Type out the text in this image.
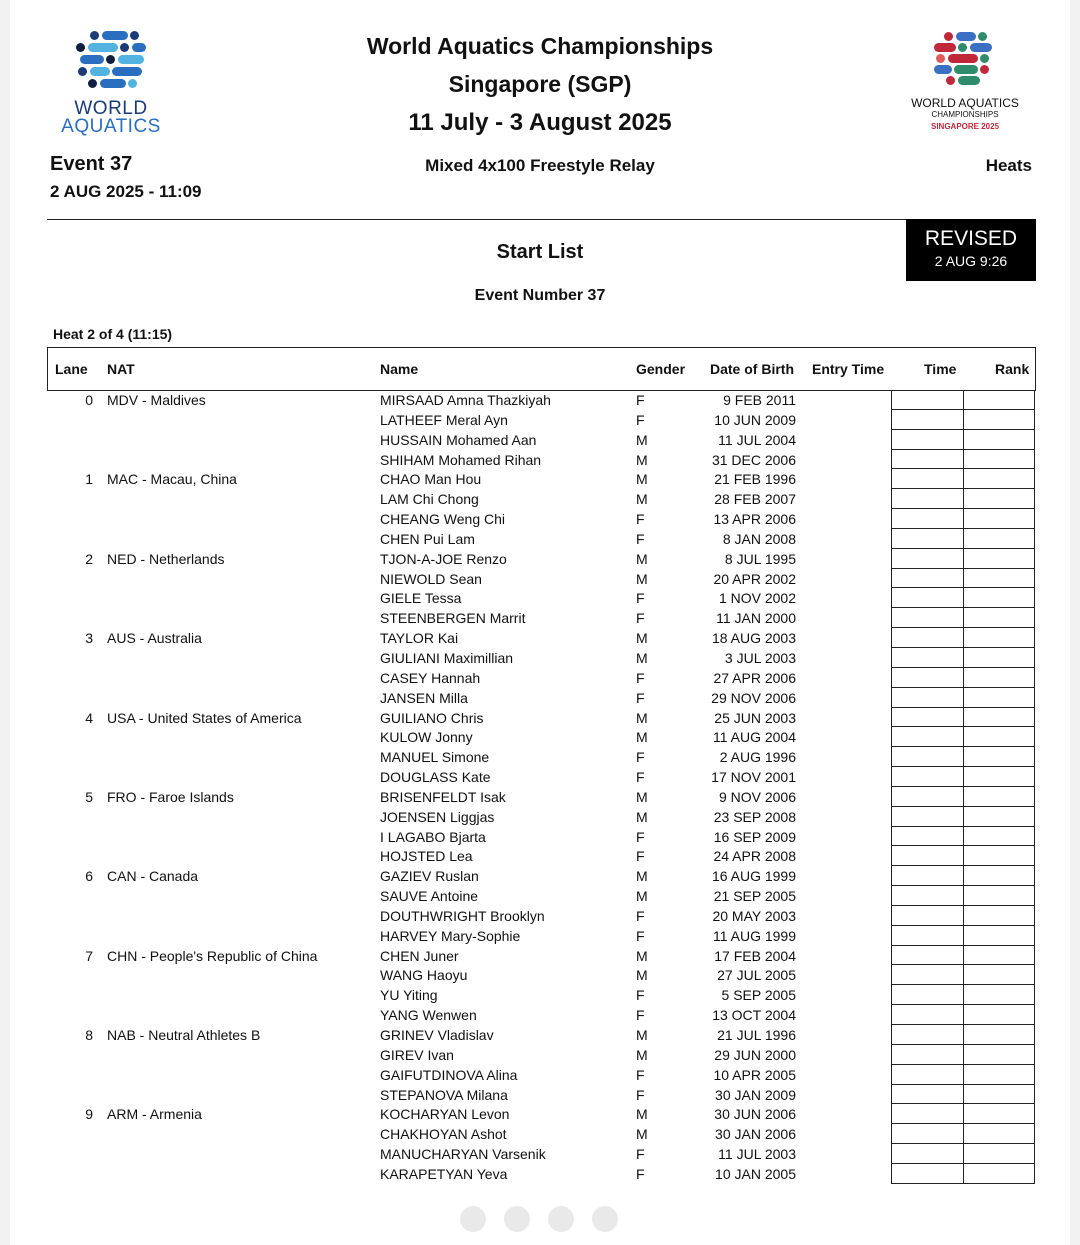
WORLD
AQUATICS
WORLD AQUATICS
CHAMPIONSHIPS
SINGAPORE 2025
World Aquatics Championships
Singapore (SGP)
11 July - 3 August 2025
Event 37
2 AUG 2025 - 11:09
Mixed 4x100 Freestyle Relay	Heats
REVISED
2 AUG 9:26
Start List
Event Number 37
Heat 2 of 4 (11:15)
Lane NAT	Name	Gender Date of Birth Entry Time	Time	Rank
0 MDV - Maldives	MIRSAAD Amna Thazkiyah	F	9 FEB 2011
LATHEEF Meral Ayn	F	10 JUN 2009
HUSSAIN Mohamed Aan	M	11 JUL 2004
SHIHAM Mohamed Rihan	M	31 DEC 2006
1 MAC - Macau, China	CHAO Man Hou	M	21 FEB 1996
LAM Chi Chong	M	28 FEB 2007
CHEANG Weng Chi	F	13 APR 2006
CHEN Pui Lam	F	8 JAN 2008
2 NED - Netherlands	TJON-A-JOE Renzo	M	8 JUL 1995
NIEWOLD Sean	M	20 APR 2002
GIELE Tessa	F	1 NOV 2002
STEENBERGEN Marrit	F	11 JAN 2000
3 AUS - Australia	TAYLOR Kai	M	18 AUG 2003
GIULIANI Maximillian	M	3 JUL 2003
CASEY Hannah	F	27 APR 2006
JANSEN Milla	F	29 NOV 2006
4 USA - United States of America	GUILIANO Chris	M	25 JUN 2003
KULOW Jonny	M	11 AUG 2004
MANUEL Simone	F	2 AUG 1996
DOUGLASS Kate	F	17 NOV 2001
5 FRO - Faroe Islands	BRISENFELDT Isak	M	9 NOV 2006
JOENSEN Liggjas	M	23 SEP 2008
I LAGABO Bjarta	F	16 SEP 2009
HOJSTED Lea	F	24 APR 2008
6 CAN - Canada	GAZIEV Ruslan	M	16 AUG 1999
SAUVE Antoine	M	21 SEP 2005
DOUTHWRIGHT Brooklyn	F	20 MAY 2003
HARVEY Mary-Sophie	F	11 AUG 1999
7 CHN - People's Republic of China	CHEN Juner	M	17 FEB 2004
WANG Haoyu	M	27 JUL 2005
YU Yiting	F	5 SEP 2005
YANG Wenwen	F	13 OCT 2004
8 NAB - Neutral Athletes B	GRINEV Vladislav	M	21 JUL 1996
GIREV Ivan	M	29 JUN 2000
GAIFUTDINOVA Alina	F	10 APR 2005
STEPANOVA Milana	F	30 JAN 2009
9 ARM - Armenia	KOCHARYAN Levon	M	30 JUN 2006
CHAKHOYAN Ashot	M	30 JAN 2006
MANUCHARYAN Varsenik	F	11 JUL 2003
KARAPETYAN Yeva	F	10 JAN 2005
